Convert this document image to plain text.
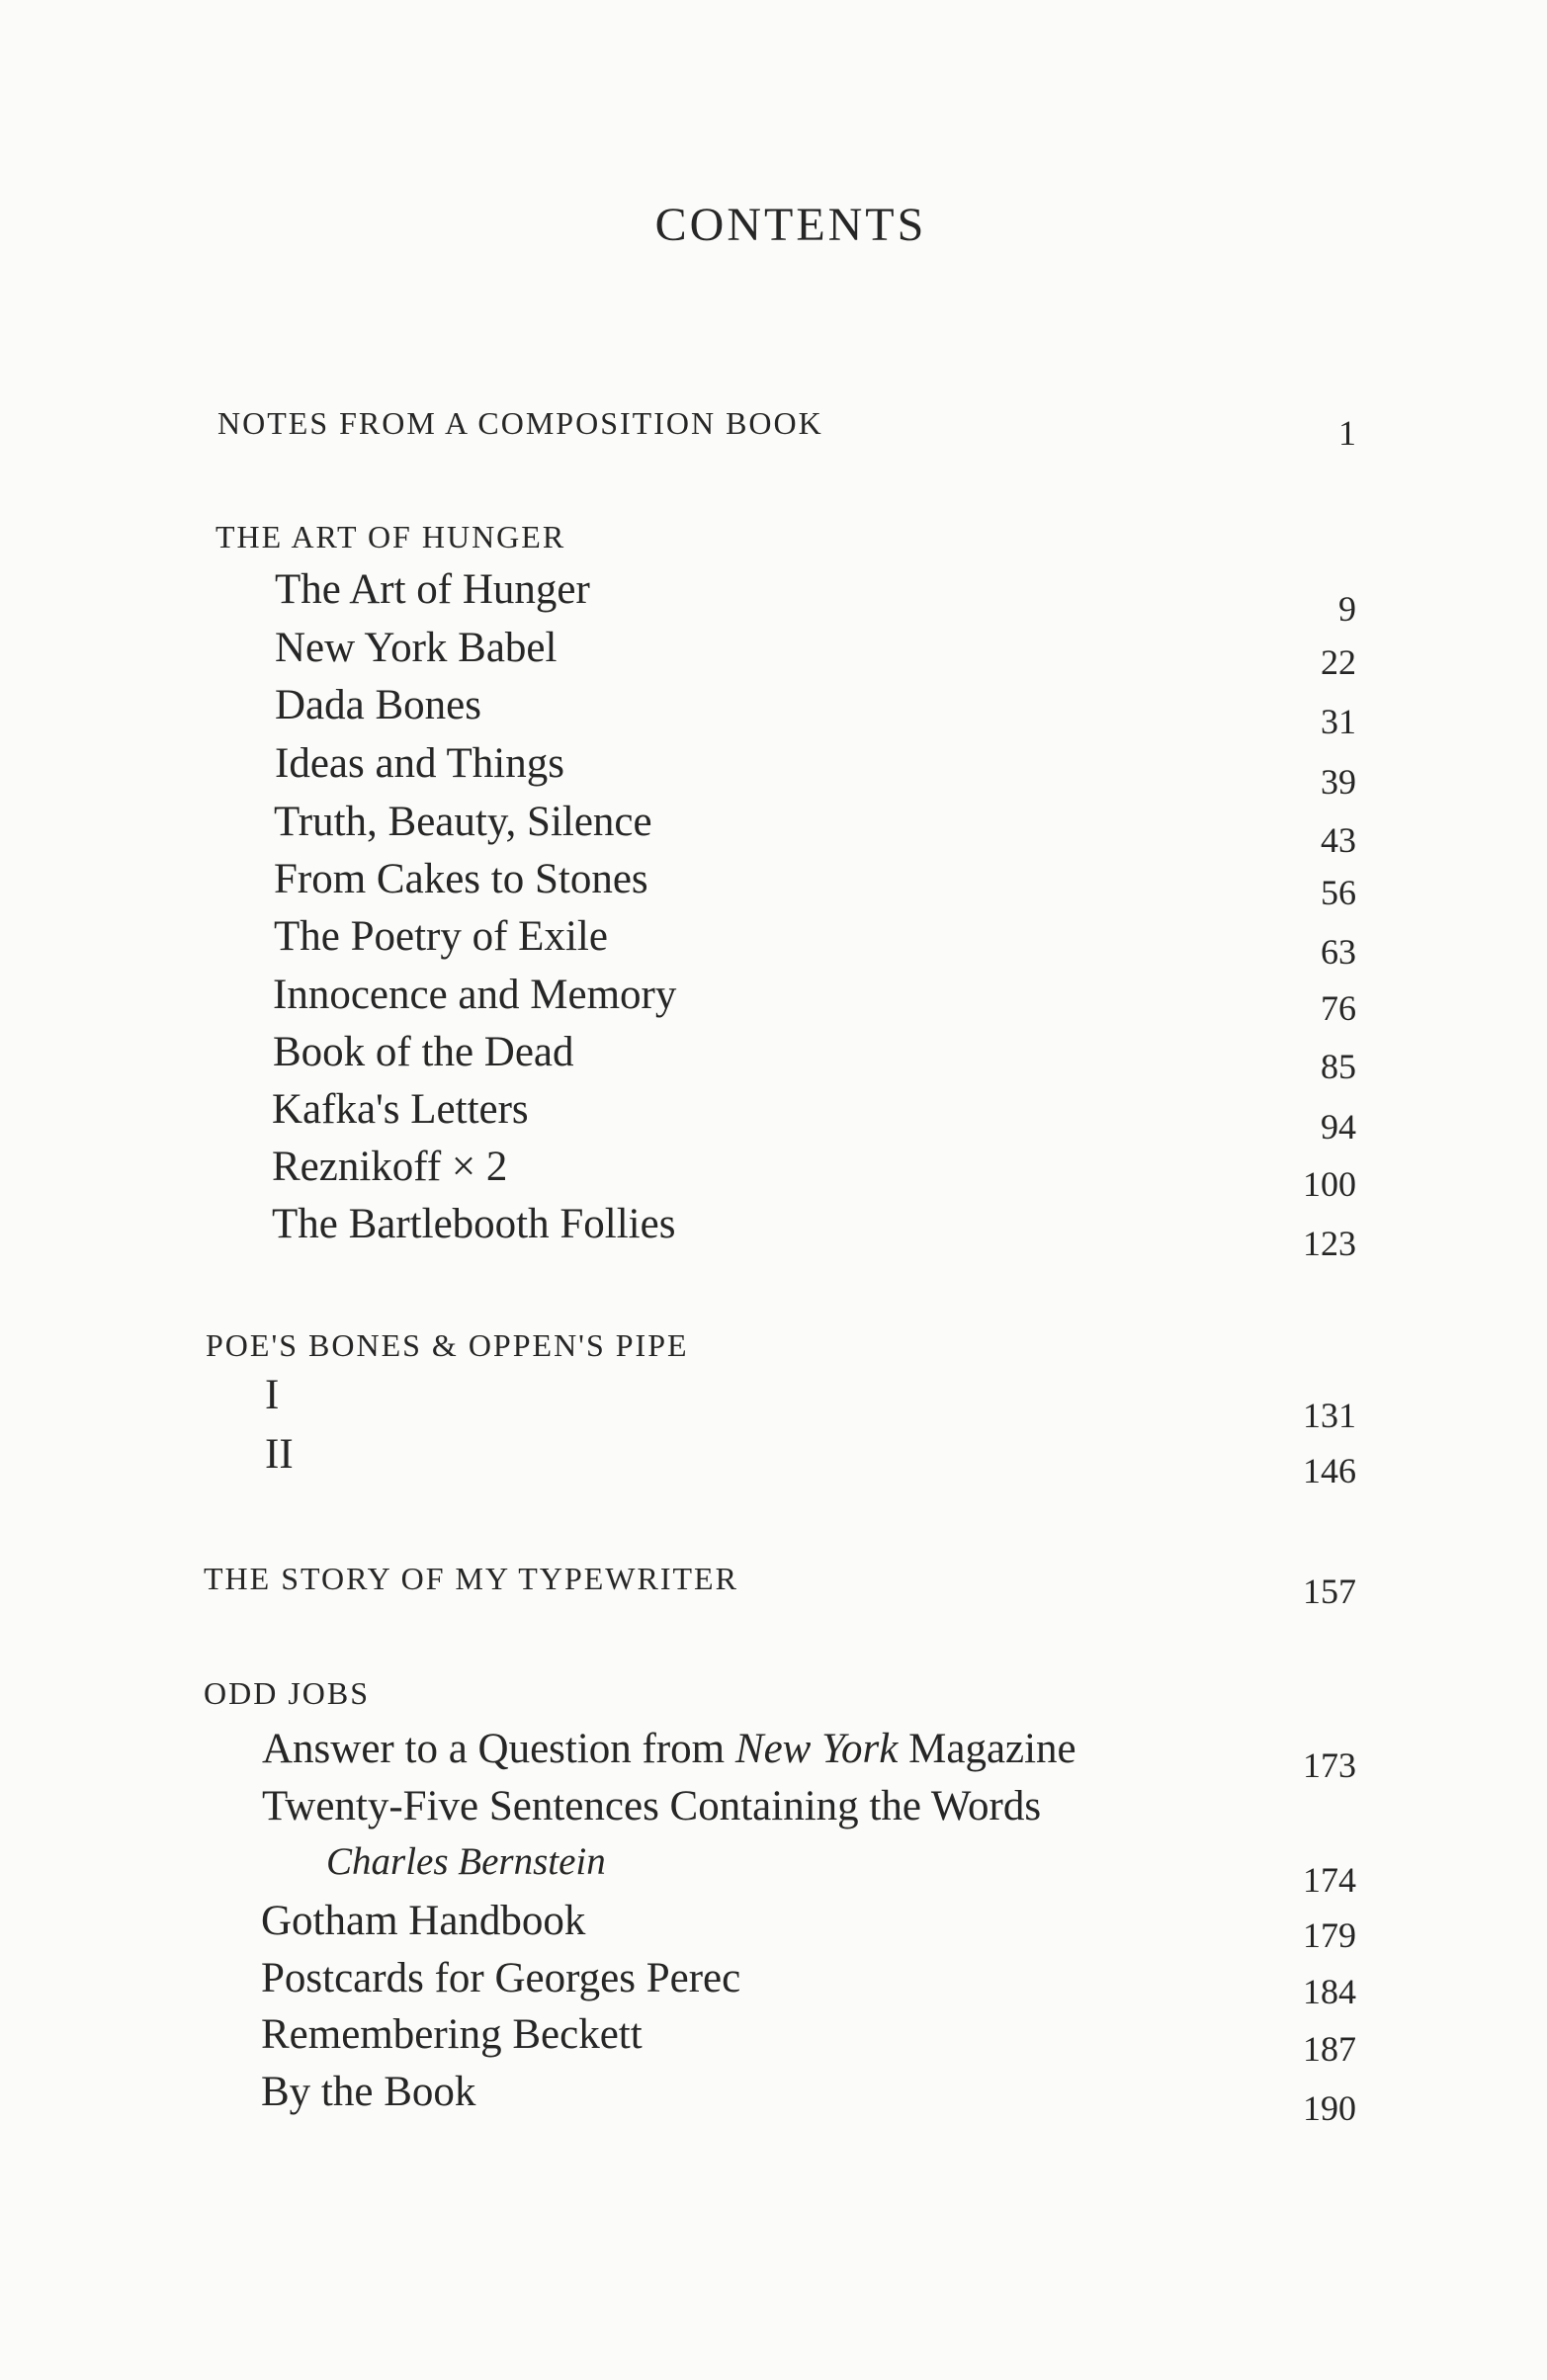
CONTENTS
NOTES FROM A COMPOSITION BOOK	1
THE ART OF HUNGER
The Art of Hunger	9
New York Babel	22
Dada Bones	31
Ideas and Things	39
Truth, Beauty, Silence	43
From Cakes to Stones	56
The Poetry of Exile	63
Innocence and Memory	76
Book of the Dead	85
Kafka's Letters	94
Reznikoff × 2	100
The Bartlebooth Follies	123
POE'S BONES & OPPEN'S PIPE
I	131
II	146
THE STORY OF MY TYPEWRITER	157
ODD JOBS
Answer to a Question from New York Magazine	173
Twenty-Five Sentences Containing the Words
Charles Bernstein	174
Gotham Handbook	179
Postcards for Georges Perec	184
Remembering Beckett	187
By the Book	190
